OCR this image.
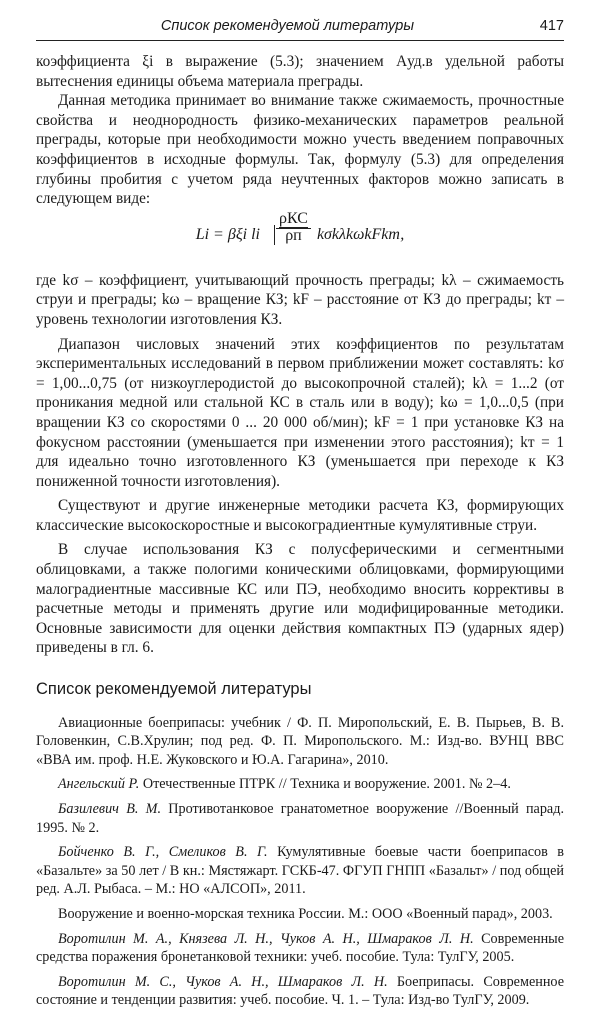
Список рекомендуемой литературы	417

коэффициента ξi в выражение (5.3); значением Aуд.в удельной работы вытеснения единицы объема материала преграды.

Данная методика принимает во внимание также сжимаемость, прочностные свойства и неоднородность физико-механических параметров реальной преграды, которые при необходимости можно учесть введением поправочных коэффициентов в исходные формулы. Так, формулу (5.3) для определения глубины пробития с учетом ряда неучтенных факторов можно записать в следующем виде:

Li = βξi li $\frac{\text{ρКС}}{\rho п}$ kσkλkωkFkт,

где kσ – коэффициент, учитывающий прочность преграды; kλ – сжимаемость струи и преграды; kω – вращение КЗ; kF – расстояние от КЗ до преграды; kт – уровень технологии изготовления КЗ.

Диапазон числовых значений этих коэффициентов по результатам экспериментальных исследований в первом приближении может составлять: kσ = 1,00...0,75 (от низкоуглеродистой до высокопрочной сталей); kλ = 1...2 (от проникания медной или стальной КС в сталь или в воду); kω = 1,0...0,5 (при вращении КЗ со скоростями 0 ... 20 000 об/мин); kF = 1 при установке КЗ на фокусном расстоянии (уменьшается при изменении этого расстояния); kт = 1 для идеально точно изготовленного КЗ (уменьшается при переходе к КЗ пониженной точности изготовления).

Существуют и другие инженерные методики расчета КЗ, формирующих классические высокоскоростные и высокоградиентные кумулятивные струи.

В случае использования КЗ с полусферическими и сегментными облицовками, а также пологими коническими облицовками, формирующими малоградиентные массивные КС или ПЭ, необходимо вносить коррективы в расчетные методы и применять другие или модифицированные методики. Основные зависимости для оценки действия компактных ПЭ (ударных ядер) приведены в гл. 6.

Список рекомендуемой литературы

Авиационные боеприпасы: учебник / Ф. П. Миропольский, Е. В. Пырьев, В. В. Головенкин, С.В.Хрулин; под ред. Ф. П. Миропольского. М.: Изд-во. ВУНЦ ВВС «ВВА им. проф. Н.Е. Жуковского и Ю.А. Гагарина», 2010.

Ангельский Р. Отечественные ПТРК // Техника и вооружение. 2001. № 2–4.

Базилевич В. М. Противотанковое гранатометное вооружение //Военный парад. 1995. № 2.

Бойченко В. Г., Смеликов В. Г. Кумулятивные боевые части боеприпасов в «Базальте» за 50 лет / В кн.: Мястяжарт. ГСКБ-47. ФГУП ГНПП «Базальт» / под общей ред. А.Л. Рыбаса. – М.: НО «АЛСОП», 2011.

Вооружение и военно-морская техника России. М.: ООО «Военный парад», 2003.

Воротилин М. А., Князева Л. Н., Чуков А. Н., Шмараков Л. Н. Современные средства поражения бронетанковой техники: учеб. пособие. Тула: ТулГУ, 2005.

Воротилин М. С., Чуков А. Н., Шмараков Л. Н. Боеприпасы. Современное состояние и тенденции развития: учеб. пособие. Ч. 1. – Тула: Изд-во ТулГУ, 2009.
